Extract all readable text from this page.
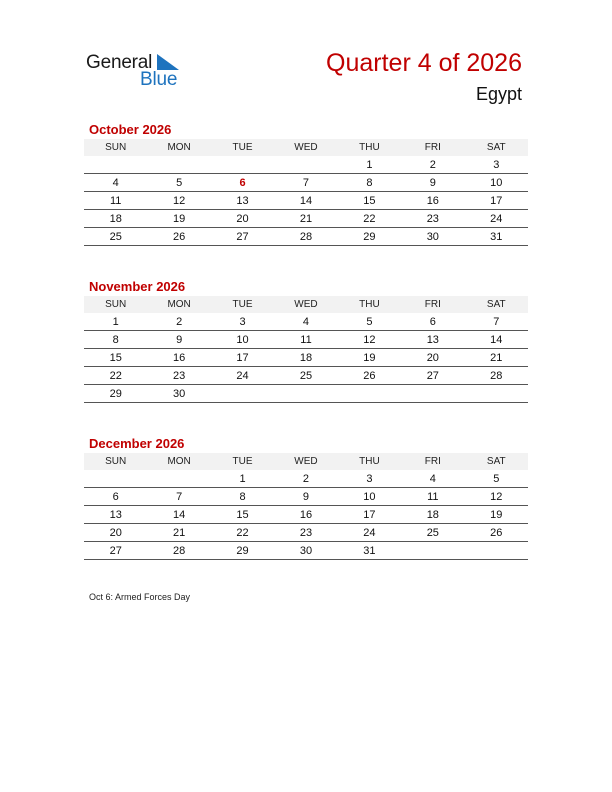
General
Blue
Quarter 4 of 2026
Egypt
October 2026
SUN	MON	TUE	WED	THU	FRI	SAT
				1	2	3
4	5	6	7	8	9	10
11	12	13	14	15	16	17
18	19	20	21	22	23	24
25	26	27	28	29	30	31
November 2026
SUN	MON	TUE	WED	THU	FRI	SAT
1	2	3	4	5	6	7
8	9	10	11	12	13	14
15	16	17	18	19	20	21
22	23	24	25	26	27	28
29	30					
December 2026
SUN	MON	TUE	WED	THU	FRI	SAT
		1	2	3	4	5
6	7	8	9	10	11	12
13	14	15	16	17	18	19
20	21	22	23	24	25	26
27	28	29	30	31		
Oct 6: Armed Forces Day
